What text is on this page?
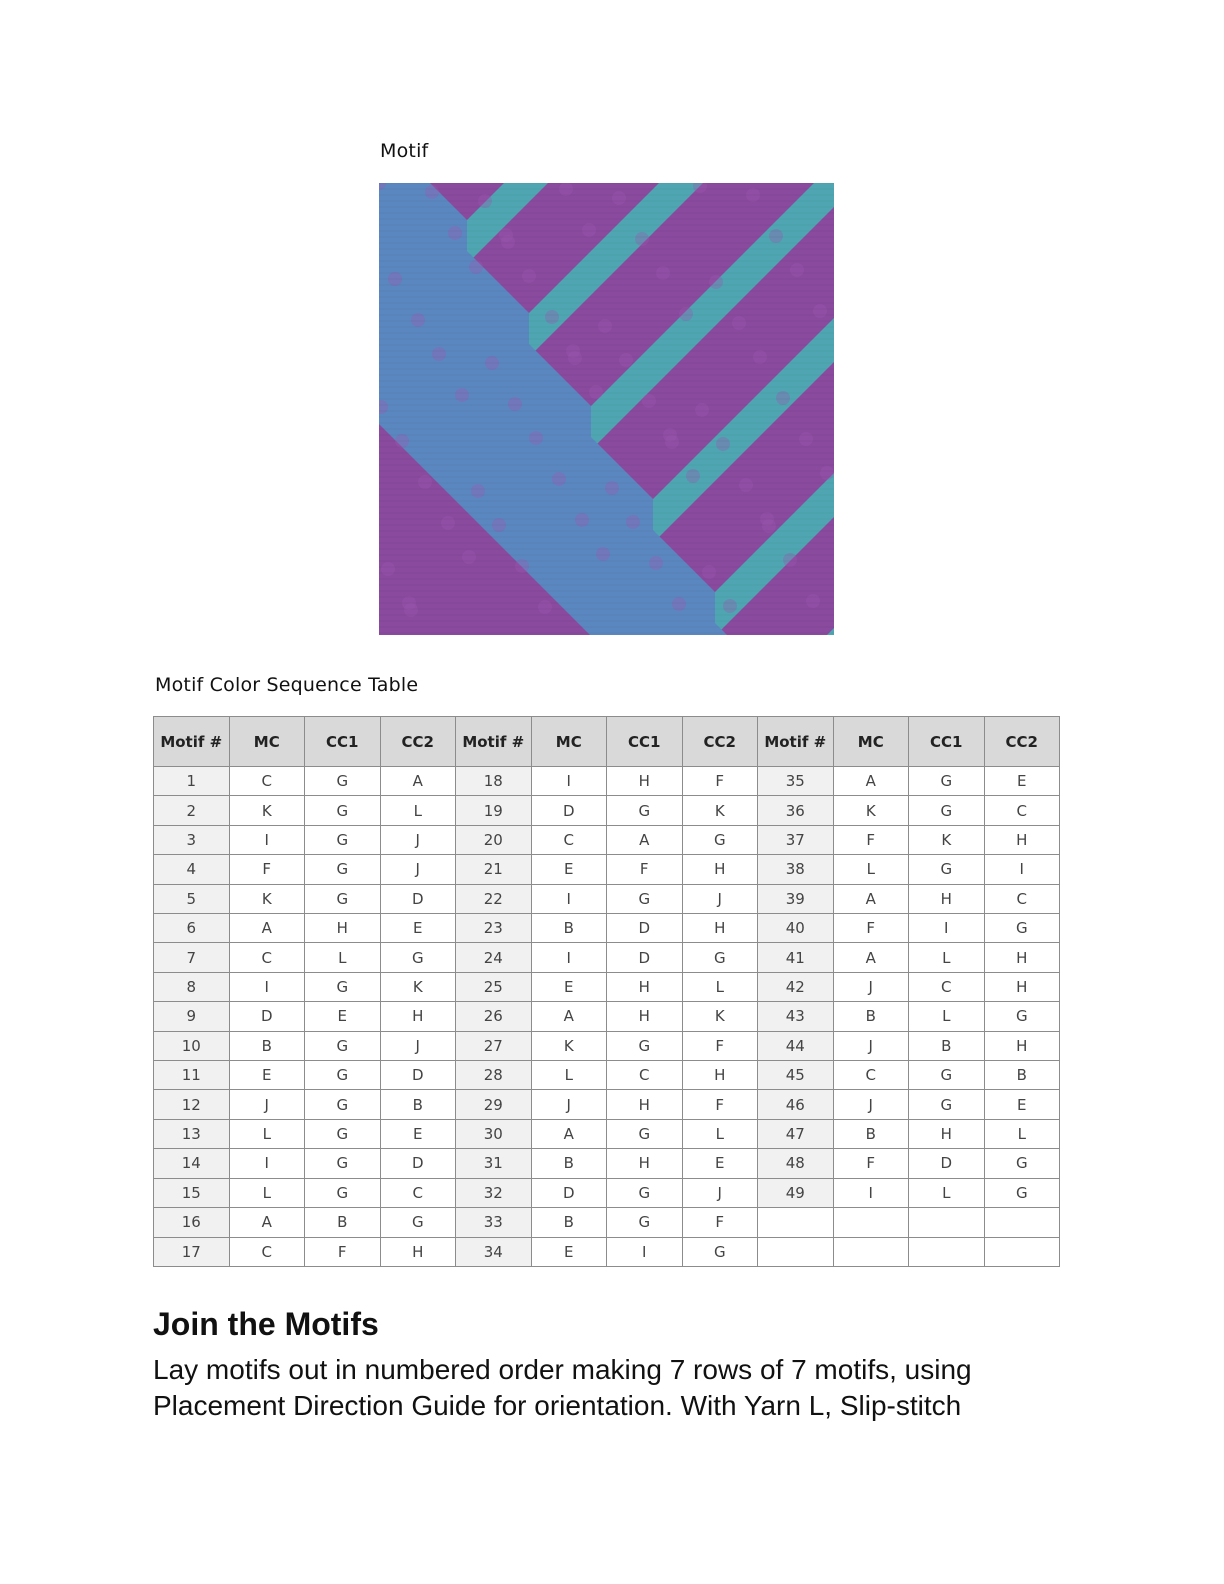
Motif
Motif Color Sequence Table
Motif #	MC	CC1	CC2	Motif #	MC	CC1	CC2	Motif #	MC	CC1	CC2
1	C	G	A	18	I	H	F	35	A	G	E
2	K	G	L	19	D	G	K	36	K	G	C
3	I	G	J	20	C	A	G	37	F	K	H
4	F	G	J	21	E	F	H	38	L	G	I
5	K	G	D	22	I	G	J	39	A	H	C
6	A	H	E	23	B	D	H	40	F	I	G
7	C	L	G	24	I	D	G	41	A	L	H
8	I	G	K	25	E	H	L	42	J	C	H
9	D	E	H	26	A	H	K	43	B	L	G
10	B	G	J	27	K	G	F	44	J	B	H
11	E	G	D	28	L	C	H	45	C	G	B
12	J	G	B	29	J	H	F	46	J	G	E
13	L	G	E	30	A	G	L	47	B	H	L
14	I	G	D	31	B	H	E	48	F	D	G
15	L	G	C	32	D	G	J	49	I	L	G
16	A	B	G	33	B	G	F				
17	C	F	H	34	E	I	G				
Join the Motifs

Lay motifs out in numbered order making 7 rows of 7 motifs, using Placement Direction Guide for orientation. With Yarn L, Slip-stitch
